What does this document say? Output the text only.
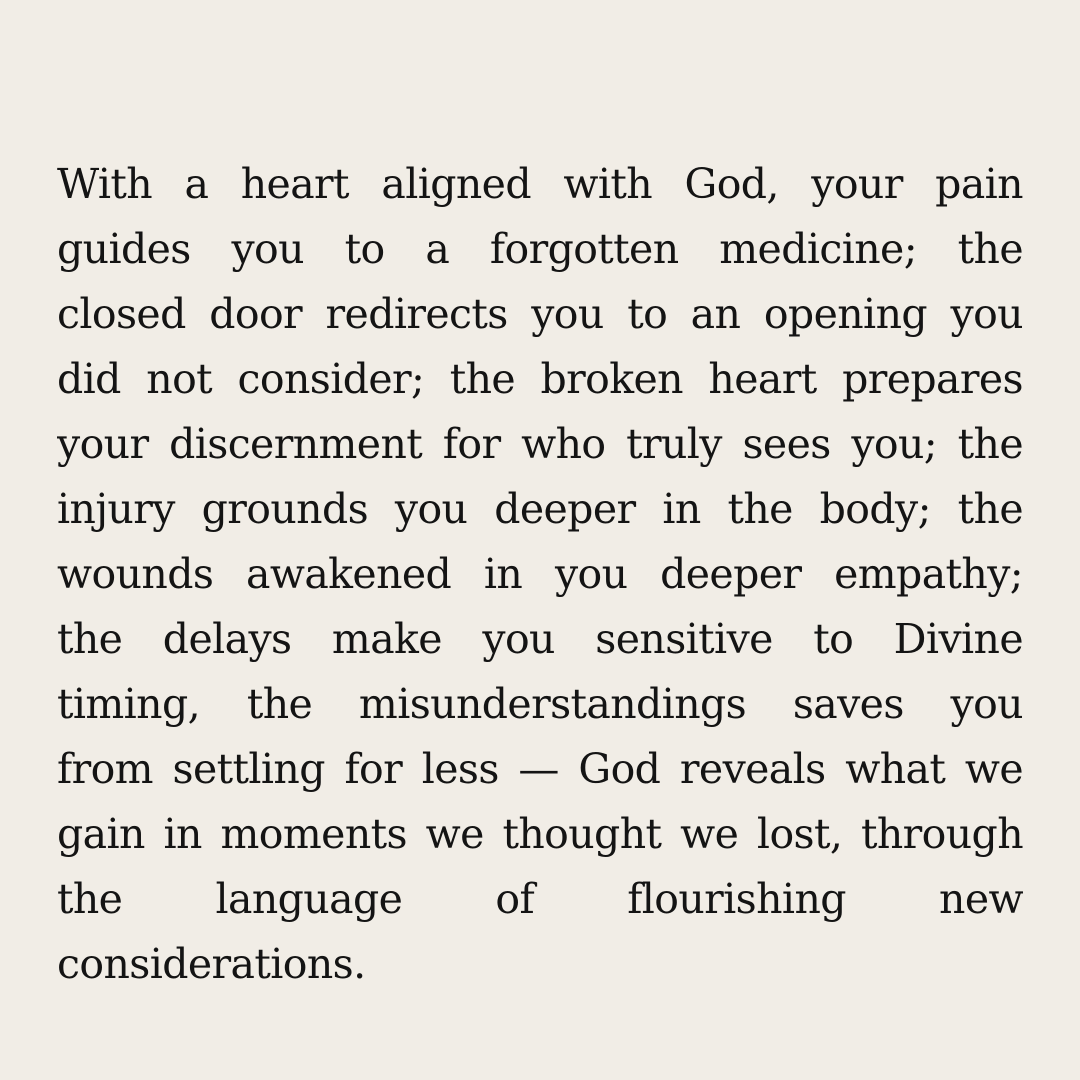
With a heart aligned with God, your pain
guides you to a forgotten medicine; the
closed door redirects you to an opening you
did not consider; the broken heart prepares
your discernment for who truly sees you; the
injury grounds you deeper in the body; the
wounds awakened in you deeper empathy;
the delays make you sensitive to Divine
timing, the misunderstandings saves you
from settling for less — God reveals what we
gain in moments we thought we lost, through
the language of flourishing new
considerations.
